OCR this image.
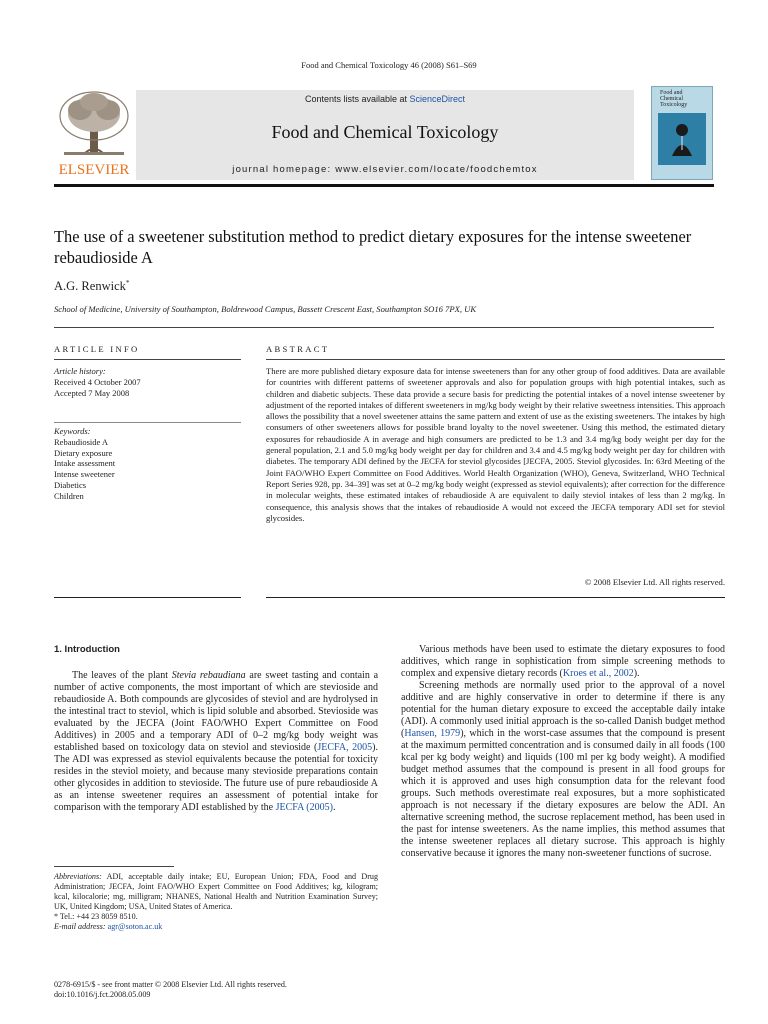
Food and Chemical Toxicology 46 (2008) S61–S69
ELSEVIER
Contents lists available at ScienceDirect
Food and Chemical Toxicology
journal homepage: www.elsevier.com/locate/foodchemtox
Food and
Chemical
Toxicology
The use of a sweetener substitution method to predict dietary exposures for the intense sweetener rebaudioside A
A.G. Renwick*
School of Medicine, University of Southampton, Boldrewood Campus, Bassett Crescent East, Southampton SO16 7PX, UK
ARTICLE INFO
Article history:
Received 4 October 2007
Accepted 7 May 2008
Keywords:
Rebaudioside A
Dietary exposure
Intake assessment
Intense sweetener
Diabetics
Children
ABSTRACT
There are more published dietary exposure data for intense sweeteners than for any other group of food additives. Data are available for countries with different patterns of sweetener approvals and also for population groups with high potential intakes, such as children and diabetic subjects. These data provide a secure basis for predicting the potential intakes of a novel intense sweetener by adjustment of the reported intakes of different sweeteners in mg/kg body weight by their relative sweetness intensities. This approach allows the possibility that a novel sweetener attains the same pattern and extent of use as the existing sweeteners. The intakes by high consumers of other sweeteners allows for possible brand loyalty to the novel sweetener. Using this method, the estimated dietary exposures for rebaudioside A in average and high consumers are predicted to be 1.3 and 3.4 mg/kg body weight per day for the general population, 2.1 and 5.0 mg/kg body weight per day for children and 3.4 and 4.5 mg/kg body weight per day for children with diabetes. The temporary ADI defined by the JECFA for steviol glycosides [JECFA, 2005. Steviol glycosides. In: 63rd Meeting of the Joint FAO/WHO Expert Committee on Food Additives. World Health Organization (WHO), Geneva, Switzerland, WHO Technical Report Series 928, pp. 34–39] was set at 0–2 mg/kg body weight (expressed as steviol equivalents); after correction for the difference in molecular weights, these estimated intakes of rebaudioside A are equivalent to daily steviol intakes of less than 2 mg/kg. In consequence, this analysis shows that the intakes of rebaudioside A would not exceed the JECFA temporary ADI set for steviol glycosides.
© 2008 Elsevier Ltd. All rights reserved.
1. Introduction

The leaves of the plant Stevia rebaudiana are sweet tasting and contain a number of active components, the most important of which are stevioside and rebaudioside A. Both compounds are glycosides of steviol and are hydrolysed in the intestinal tract to steviol, which is lipid soluble and absorbed. Stevioside was evaluated by the JECFA (Joint FAO/WHO Expert Committee on Food Additives) in 2005 and a temporary ADI of 0–2 mg/kg body weight was established based on toxicology data on steviol and stevioside (JECFA, 2005). The ADI was expressed as steviol equivalents because the potential for toxicity resides in the steviol moiety, and because many stevioside preparations contain other glycosides in addition to stevioside. The future use of pure rebaudioside A as an intense sweetener requires an assessment of potential intake for comparison with the temporary ADI established by the JECFA (2005).

Various methods have been used to estimate the dietary exposures to food additives, which range in sophistication from simple screening methods to complex and expensive dietary records (Kroes et al., 2002).

Screening methods are normally used prior to the approval of a novel additive and are highly conservative in order to determine if there is any potential for the human dietary exposure to exceed the acceptable daily intake (ADI). A commonly used initial approach is the so-called Danish budget method (Hansen, 1979), which in the worst-case assumes that the compound is present at the maximum permitted concentration and is consumed daily in all foods (100 kcal per kg body weight) and liquids (100 ml per kg body weight). A modified budget method assumes that the compound is present in all food groups for which it is approved and uses high consumption data for the relevant food groups. Such methods overestimate real exposures, but a more sophisticated approach is not necessary if the dietary exposures are below the ADI. An alternative screening method, the sucrose replacement method, has been used in the past for intense sweeteners. As the name implies, this method assumes that the intense sweetener replaces all dietary sucrose. This approach is highly conservative because it ignores the many non-sweetener functions of sucrose.

Abbreviations: ADI, acceptable daily intake; EU, European Union; FDA, Food and Drug Administration; JECFA, Joint FAO/WHO Expert Committee on Food Additives; kg, kilogram; kcal, kilocalorie; mg, milligram; NHANES, National Health and Nutrition Examination Survey; UK, United Kingdom; USA, United States of America.

* Tel.: +44 23 8059 8510.

E-mail address: agr@soton.ac.uk

0278-6915/$ - see front matter © 2008 Elsevier Ltd. All rights reserved.
doi:10.1016/j.fct.2008.05.009
